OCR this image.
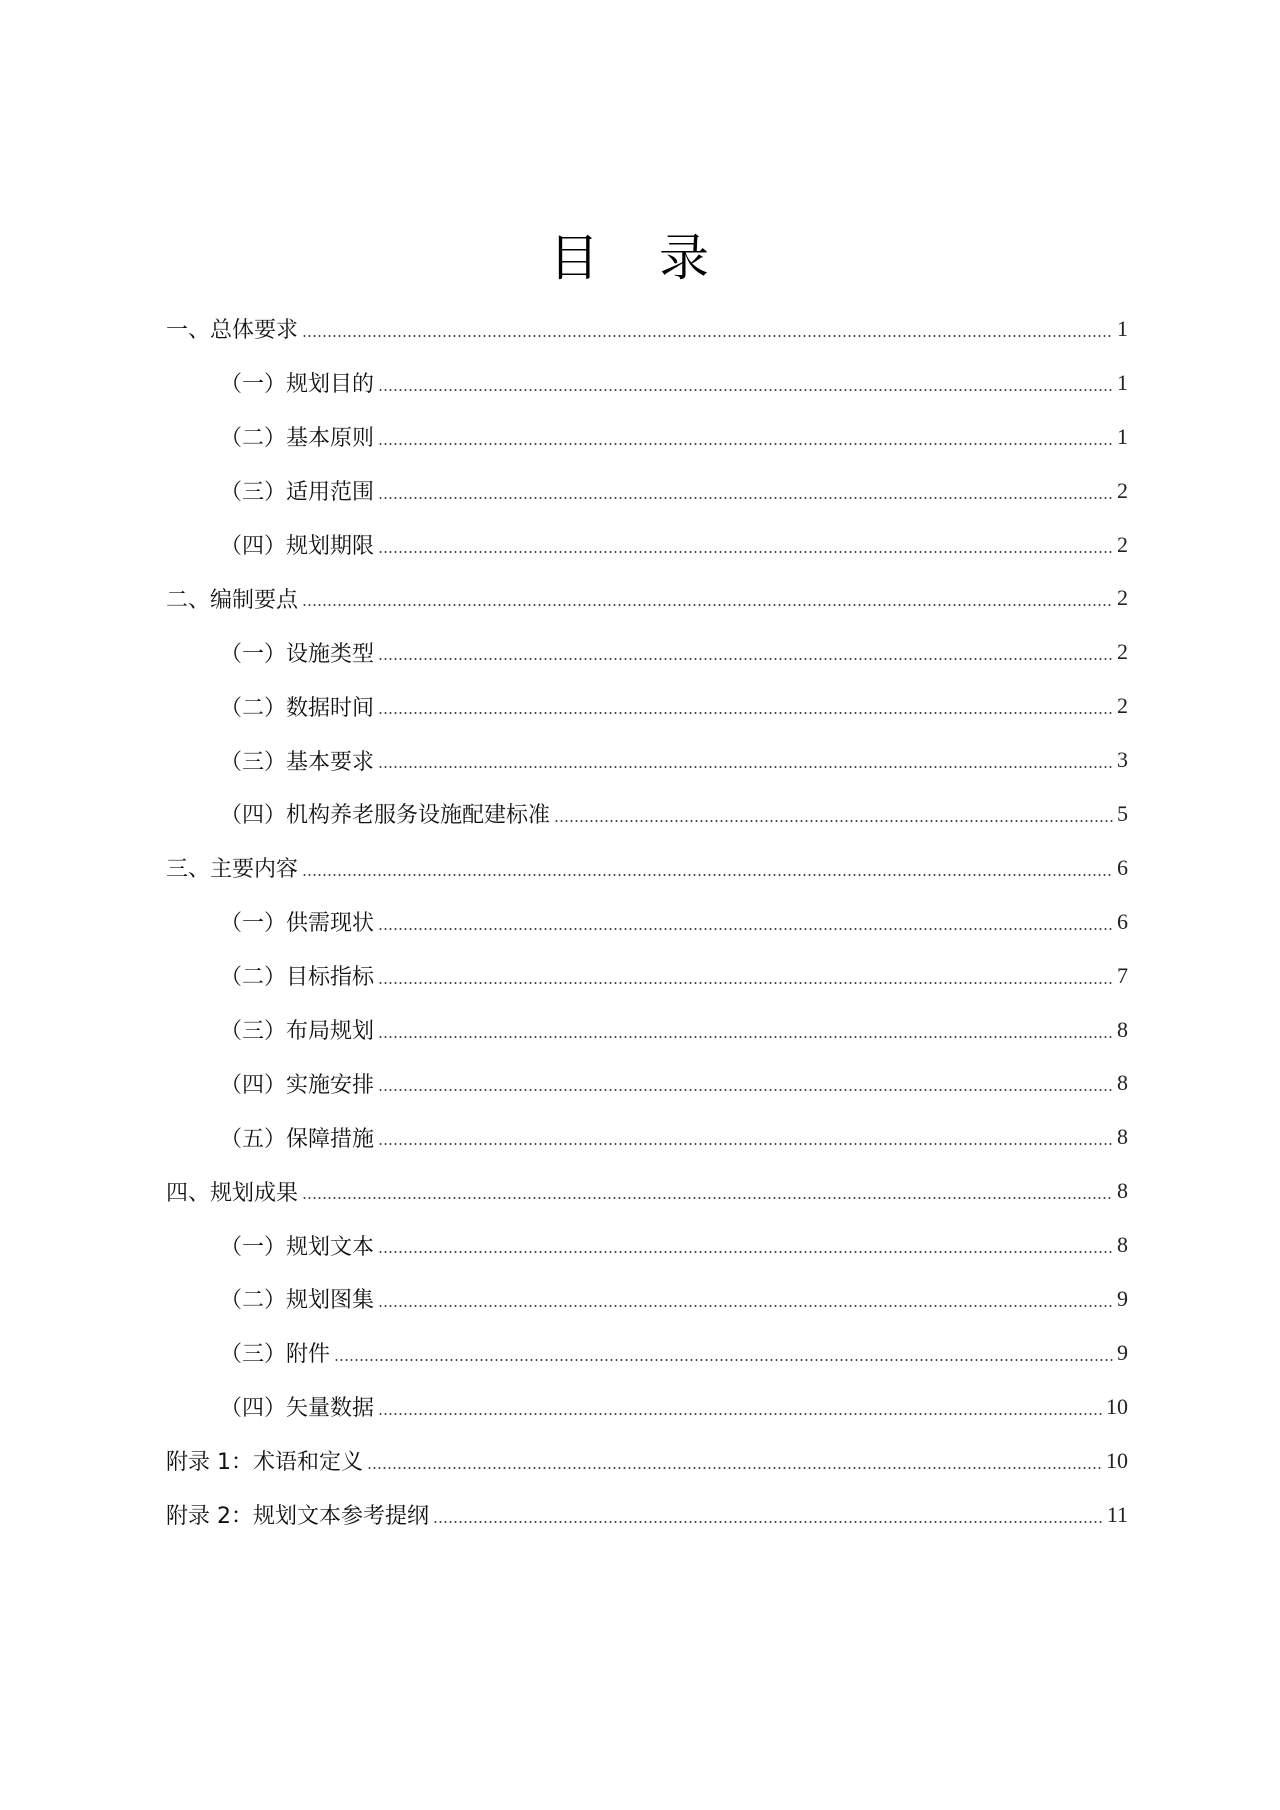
目 录
一、总体要求	1
（一）规划目的	1
（二）基本原则	1
（三）适用范围	2
（四）规划期限	2
二、编制要点	2
（一）设施类型	2
（二）数据时间	2
（三）基本要求	3
（四）机构养老服务设施配建标准	5
三、主要内容	6
（一）供需现状	6
（二）目标指标	7
（三）布局规划	8
（四）实施安排	8
（五）保障措施	8
四、规划成果	8
（一）规划文本	8
（二）规划图集	9
（三）附件	9
（四）矢量数据	10
附录 1：术语和定义	10
附录 2：规划文本参考提纲	11
